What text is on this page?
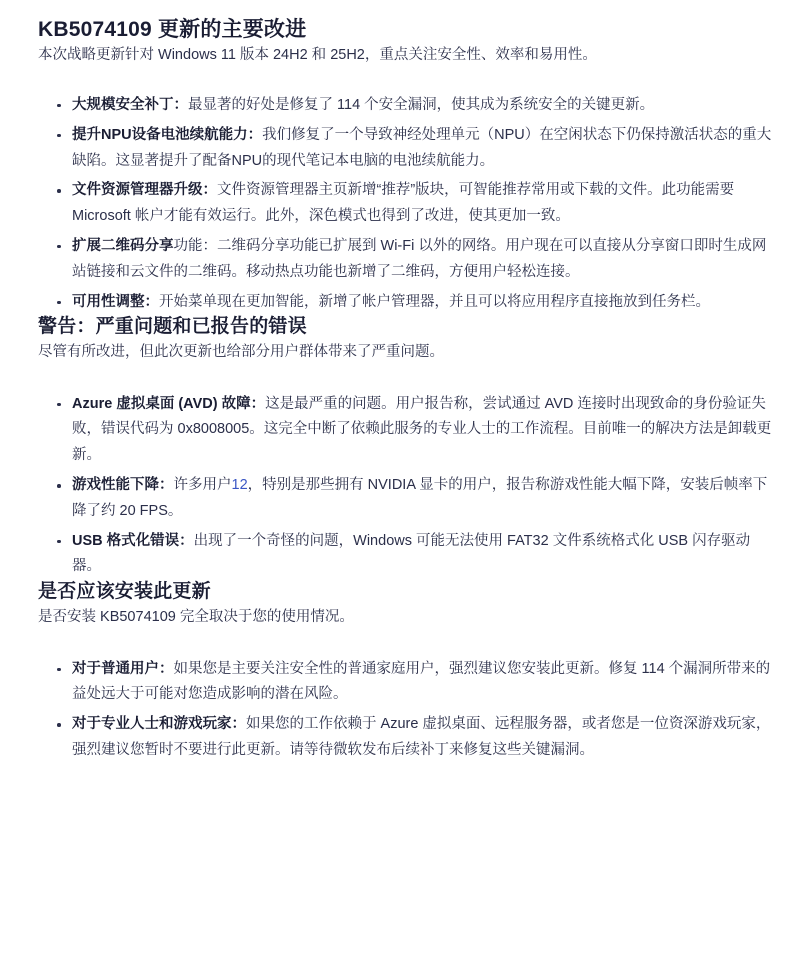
KB5074109 更新的主要改进

本次战略更新针对 Windows 11 版本 24H2 和 25H2，重点关注安全性、效率和易用性。

大规模安全补丁：最显著的好处是修复了 114 个安全漏洞，使其成为系统安全的关键更新。
提升NPU设备电池续航能力：我们修复了一个导致神经处理单元（NPU）在空闲状态下仍保持激活状态的重大缺陷。这显著提升了配备NPU的现代笔记本电脑的电池续航能力。
文件资源管理器升级：文件资源管理器主页新增“推荐”版块，可智能推荐常用或下载的文件。此功能需要 Microsoft 帐户才能有效运行。此外，深色模式也得到了改进，使其更加一致。
扩展二维码分享功能：二维码分享功能已扩展到 Wi-Fi 以外的网络。用户现在可以直接从分享窗口即时生成网站链接和云文件的二维码。移动热点功能也新增了二维码，方便用户轻松连接。
可用性调整：开始菜单现在更加智能，新增了帐户管理器，并且可以将应用程序直接拖放到任务栏。
警告：严重问题和已报告的错误

尽管有所改进，但此次更新也给部分用户群体带来了严重问题。

Azure 虚拟桌面 (AVD) 故障：这是最严重的问题。用户报告称，尝试通过 AVD 连接时出现致命的身份验证失败，错误代码为 0x8008005。这完全中断了依赖此服务的专业人士的工作流程。目前唯一的解决方法是卸载更新。
游戏性能下降：许多用户12，特别是那些拥有 NVIDIA 显卡的用户，报告称游戏性能大幅下降，安装后帧率下降了约 20 FPS。
USB 格式化错误：出现了一个奇怪的问题，Windows 可能无法使用 FAT32 文件系统格式化 USB 闪存驱动器。
是否应该安装此更新

是否安装 KB5074109 完全取决于您的使用情况。

对于普通用户：如果您是主要关注安全性的普通家庭用户，强烈建议您安装此更新。修复 114 个漏洞所带来的益处远大于可能对您造成影响的潜在风险。
对于专业人士和游戏玩家：如果您的工作依赖于 Azure 虚拟桌面、远程服务器，或者您是一位资深游戏玩家，强烈建议您暂时不要进行此更新。请等待微软发布后续补丁来修复这些关键漏洞。
